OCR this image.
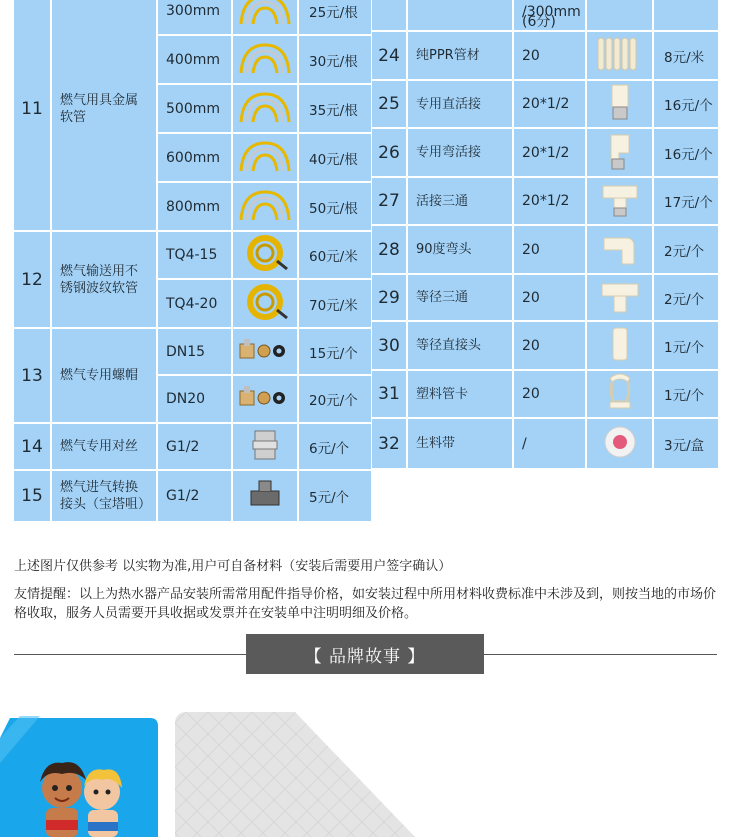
11	燃气用具金属软管
300mm	25元/根
400mm	30元/根
500mm	35元/根
600mm	40元/根
800mm	50元/根
12	燃气输送用不锈钢波纹软管
TQ4-15	60元/米
TQ4-20	70元/米
13	燃气专用螺帽
DN15	15元/个
DN20	20元/个
14	燃气专用对丝	G1/2	6元/个
15	燃气进气转换接头（宝塔咀）
G1/2	5元/个
/300mm
(6分)
24	纯PPR管材	20	8元/米
25	专用直活接	20*1/2	16元/个
26	专用弯活接	20*1/2	16元/个
27	活接三通	20*1/2	17元/个
28	90度弯头	20	2元/个
29	等径三通	20	2元/个
30	等径直接头	20	1元/个
31	塑料管卡	20	1元/个
32	生料带	/	3元/盒
上述图片仅供参考 以实物为准,用户可自备材料（安装后需要用户签字确认）
友情提醒：以上为热水器产品安装所需常用配件指导价格，如安装过程中所用材料收费标准中未涉及到，则按当地的市场价格收取，服务人员需要开具收据或发票并在安装单中注明明细及价格。
【 品牌故事 】
